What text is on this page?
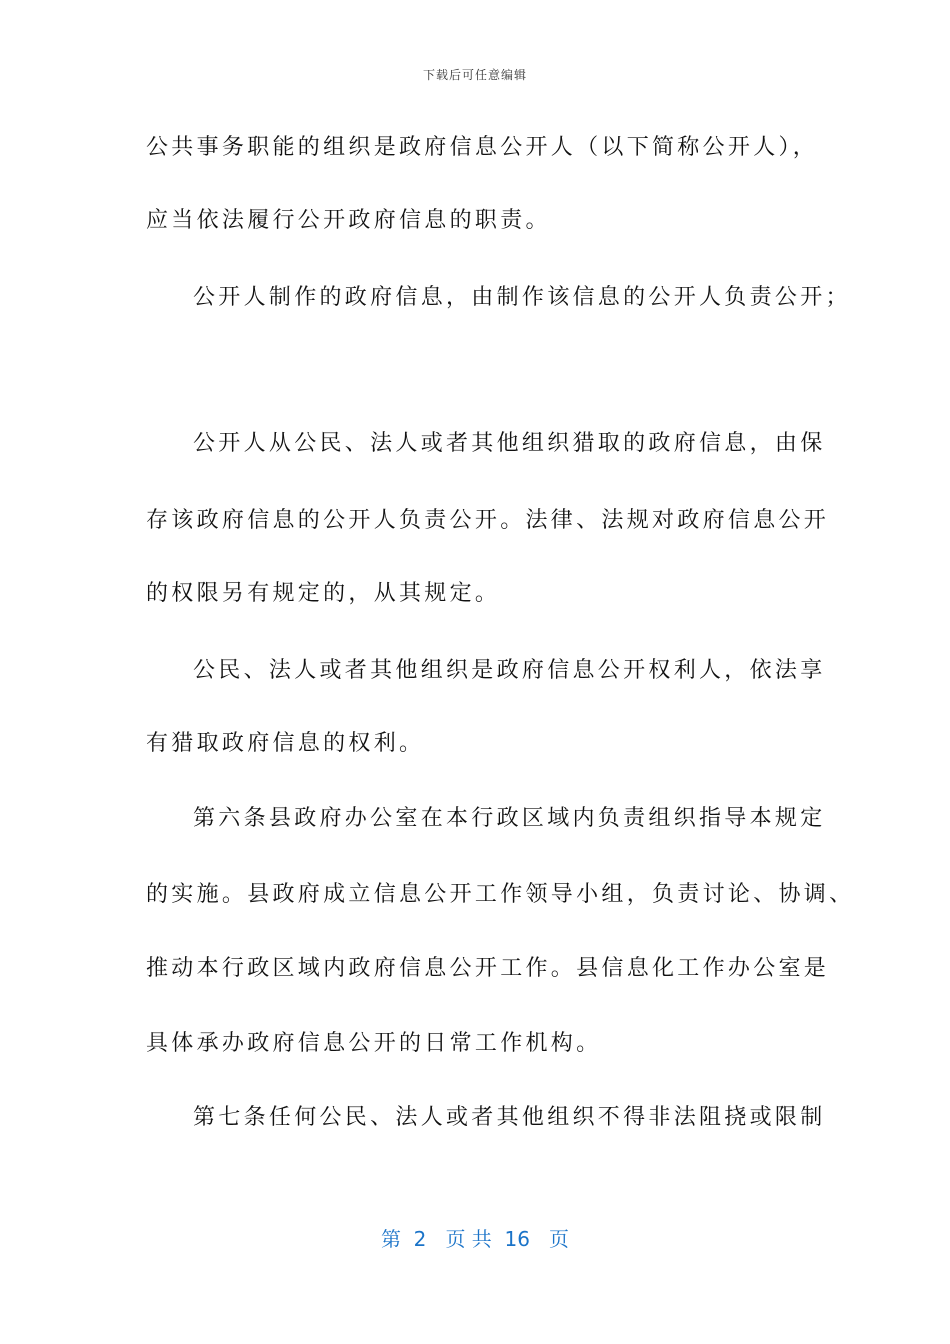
下载后可任意编辑
公共事务职能的组织是政府信息公开人（以下简称公开人），
应当依法履行公开政府信息的职责。
公开人制作的政府信息，由制作该信息的公开人负责公开；
公开人从公民、法人或者其他组织猎取的政府信息，由保
存该政府信息的公开人负责公开。法律、法规对政府信息公开
的权限另有规定的，从其规定。
公民、法人或者其他组织是政府信息公开权利人，依法享
有猎取政府信息的权利。
第六条县政府办公室在本行政区域内负责组织指导本规定
的实施。县政府成立信息公开工作领导小组，负责讨论、协调、
推动本行政区域内政府信息公开工作。县信息化工作办公室是
具体承办政府信息公开的日常工作机构。
第七条任何公民、法人或者其他组织不得非法阻挠或限制
第  2   页 共  16   页
